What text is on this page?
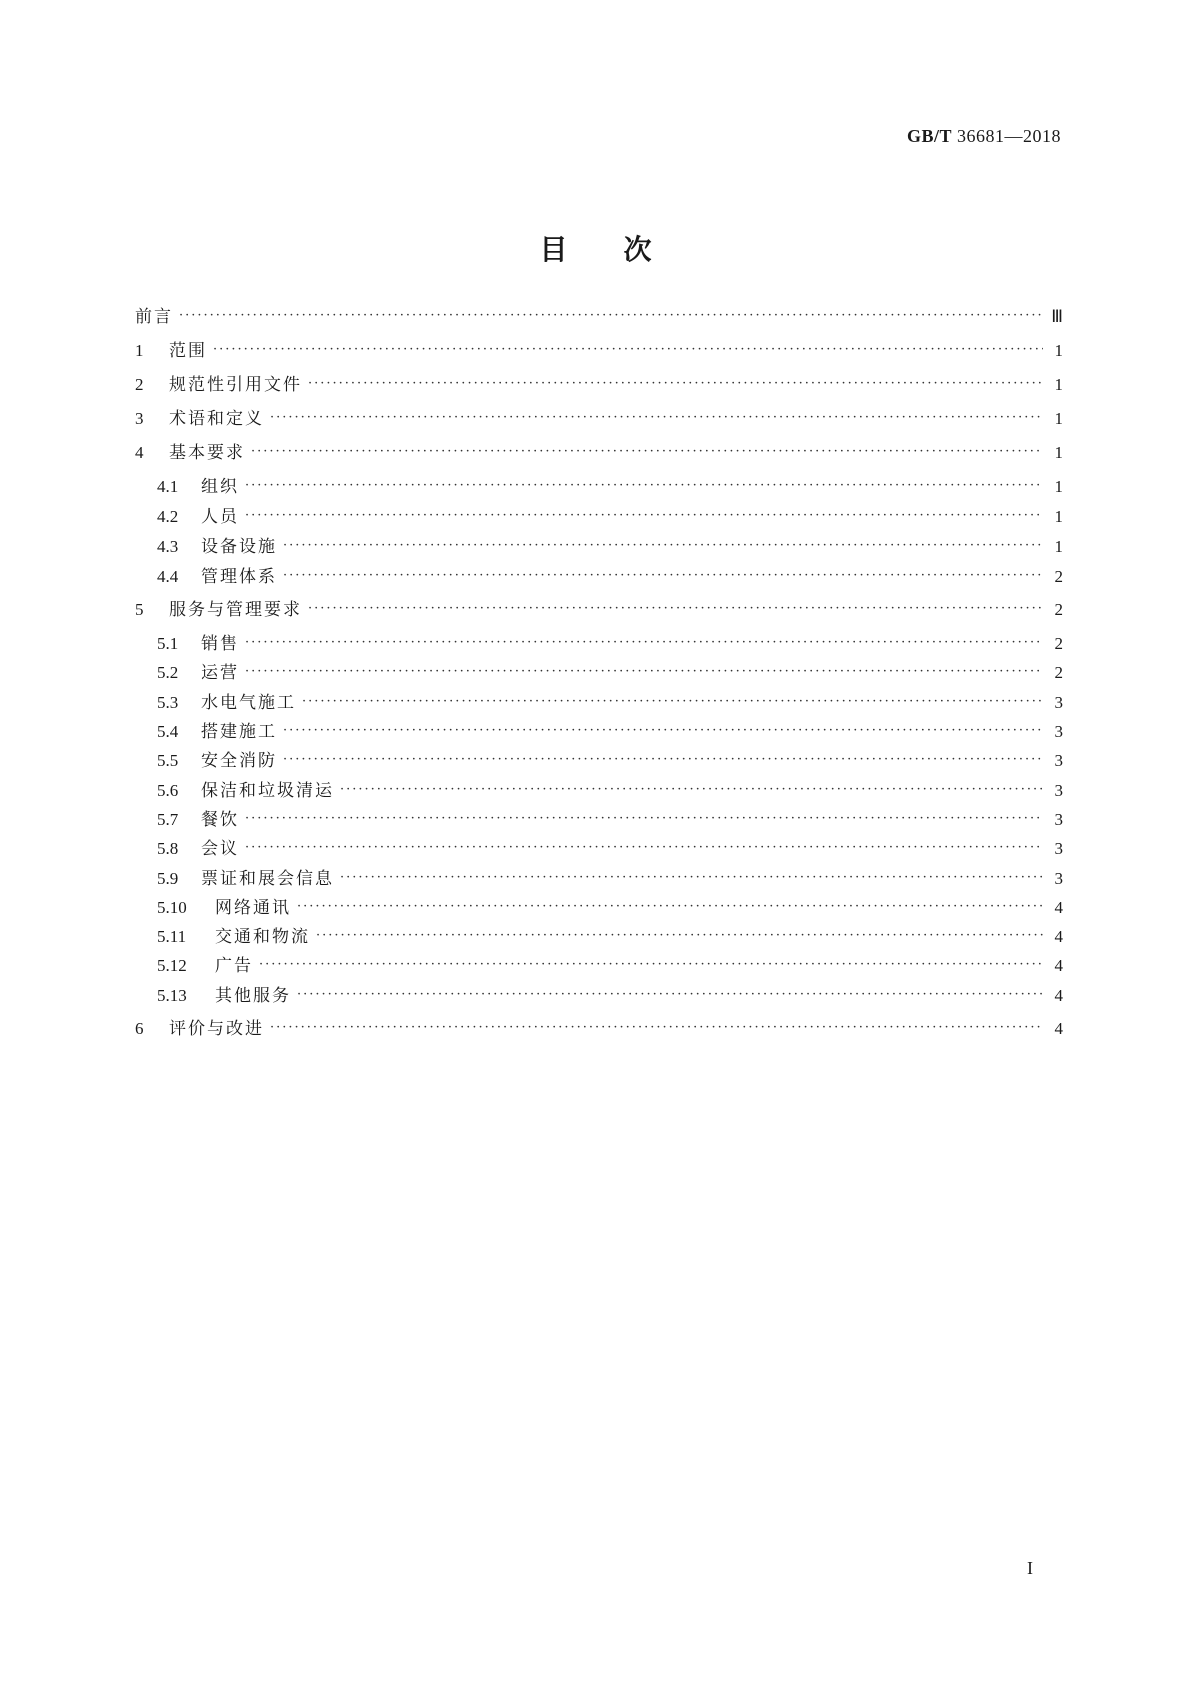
GB/T 36681—2018
目　　次
前言 ·····	Ⅲ
1	范围 ·····	1
2	规范性引用文件 ·····	1
3	术语和定义 ·····	1
4	基本要求 ·····	1
4.1	组织 ·····	1
4.2	人员 ·····	1
4.3	设备设施 ·····	1
4.4	管理体系 ·····	2
5	服务与管理要求 ·····	2
5.1	销售 ·····	2
5.2	运营 ·····	2
5.3	水电气施工 ·····	3
5.4	搭建施工 ·····	3
5.5	安全消防 ·····	3
5.6	保洁和垃圾清运 ·····	3
5.7	餐饮 ·····	3
5.8	会议 ·····	3
5.9	票证和展会信息 ·····	3
5.10	网络通讯 ·····	4
5.11	交通和物流 ·····	4
5.12	广告 ·····	4
5.13	其他服务 ·····	4
6	评价与改进 ·····	4
I
